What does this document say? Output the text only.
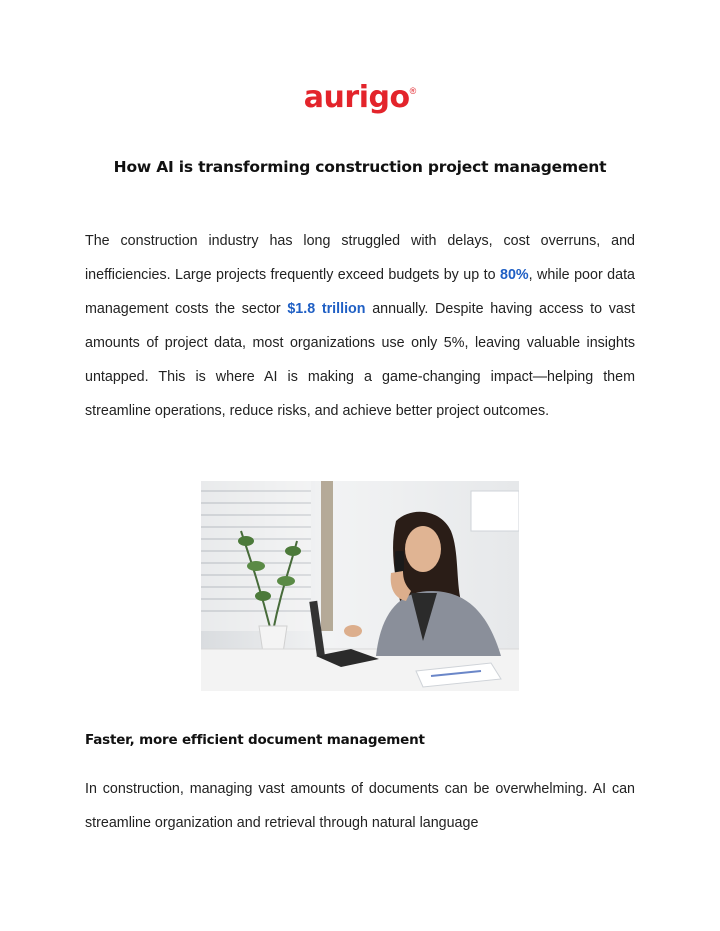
aurigo®
How AI is transforming construction project management
The construction industry has long struggled with delays, cost overruns, and inefficiencies. Large projects frequently exceed budgets by up to 80%, while poor data management costs the sector $1.8 trillion annually. Despite having access to vast amounts of project data, most organizations use only 5%, leaving valuable insights untapped. This is where AI is making a game-changing impact—helping them streamline operations, reduce risks, and achieve better project outcomes.
Faster, more efficient document management
In construction, managing vast amounts of documents can be overwhelming. AI can streamline organization and retrieval through natural language
